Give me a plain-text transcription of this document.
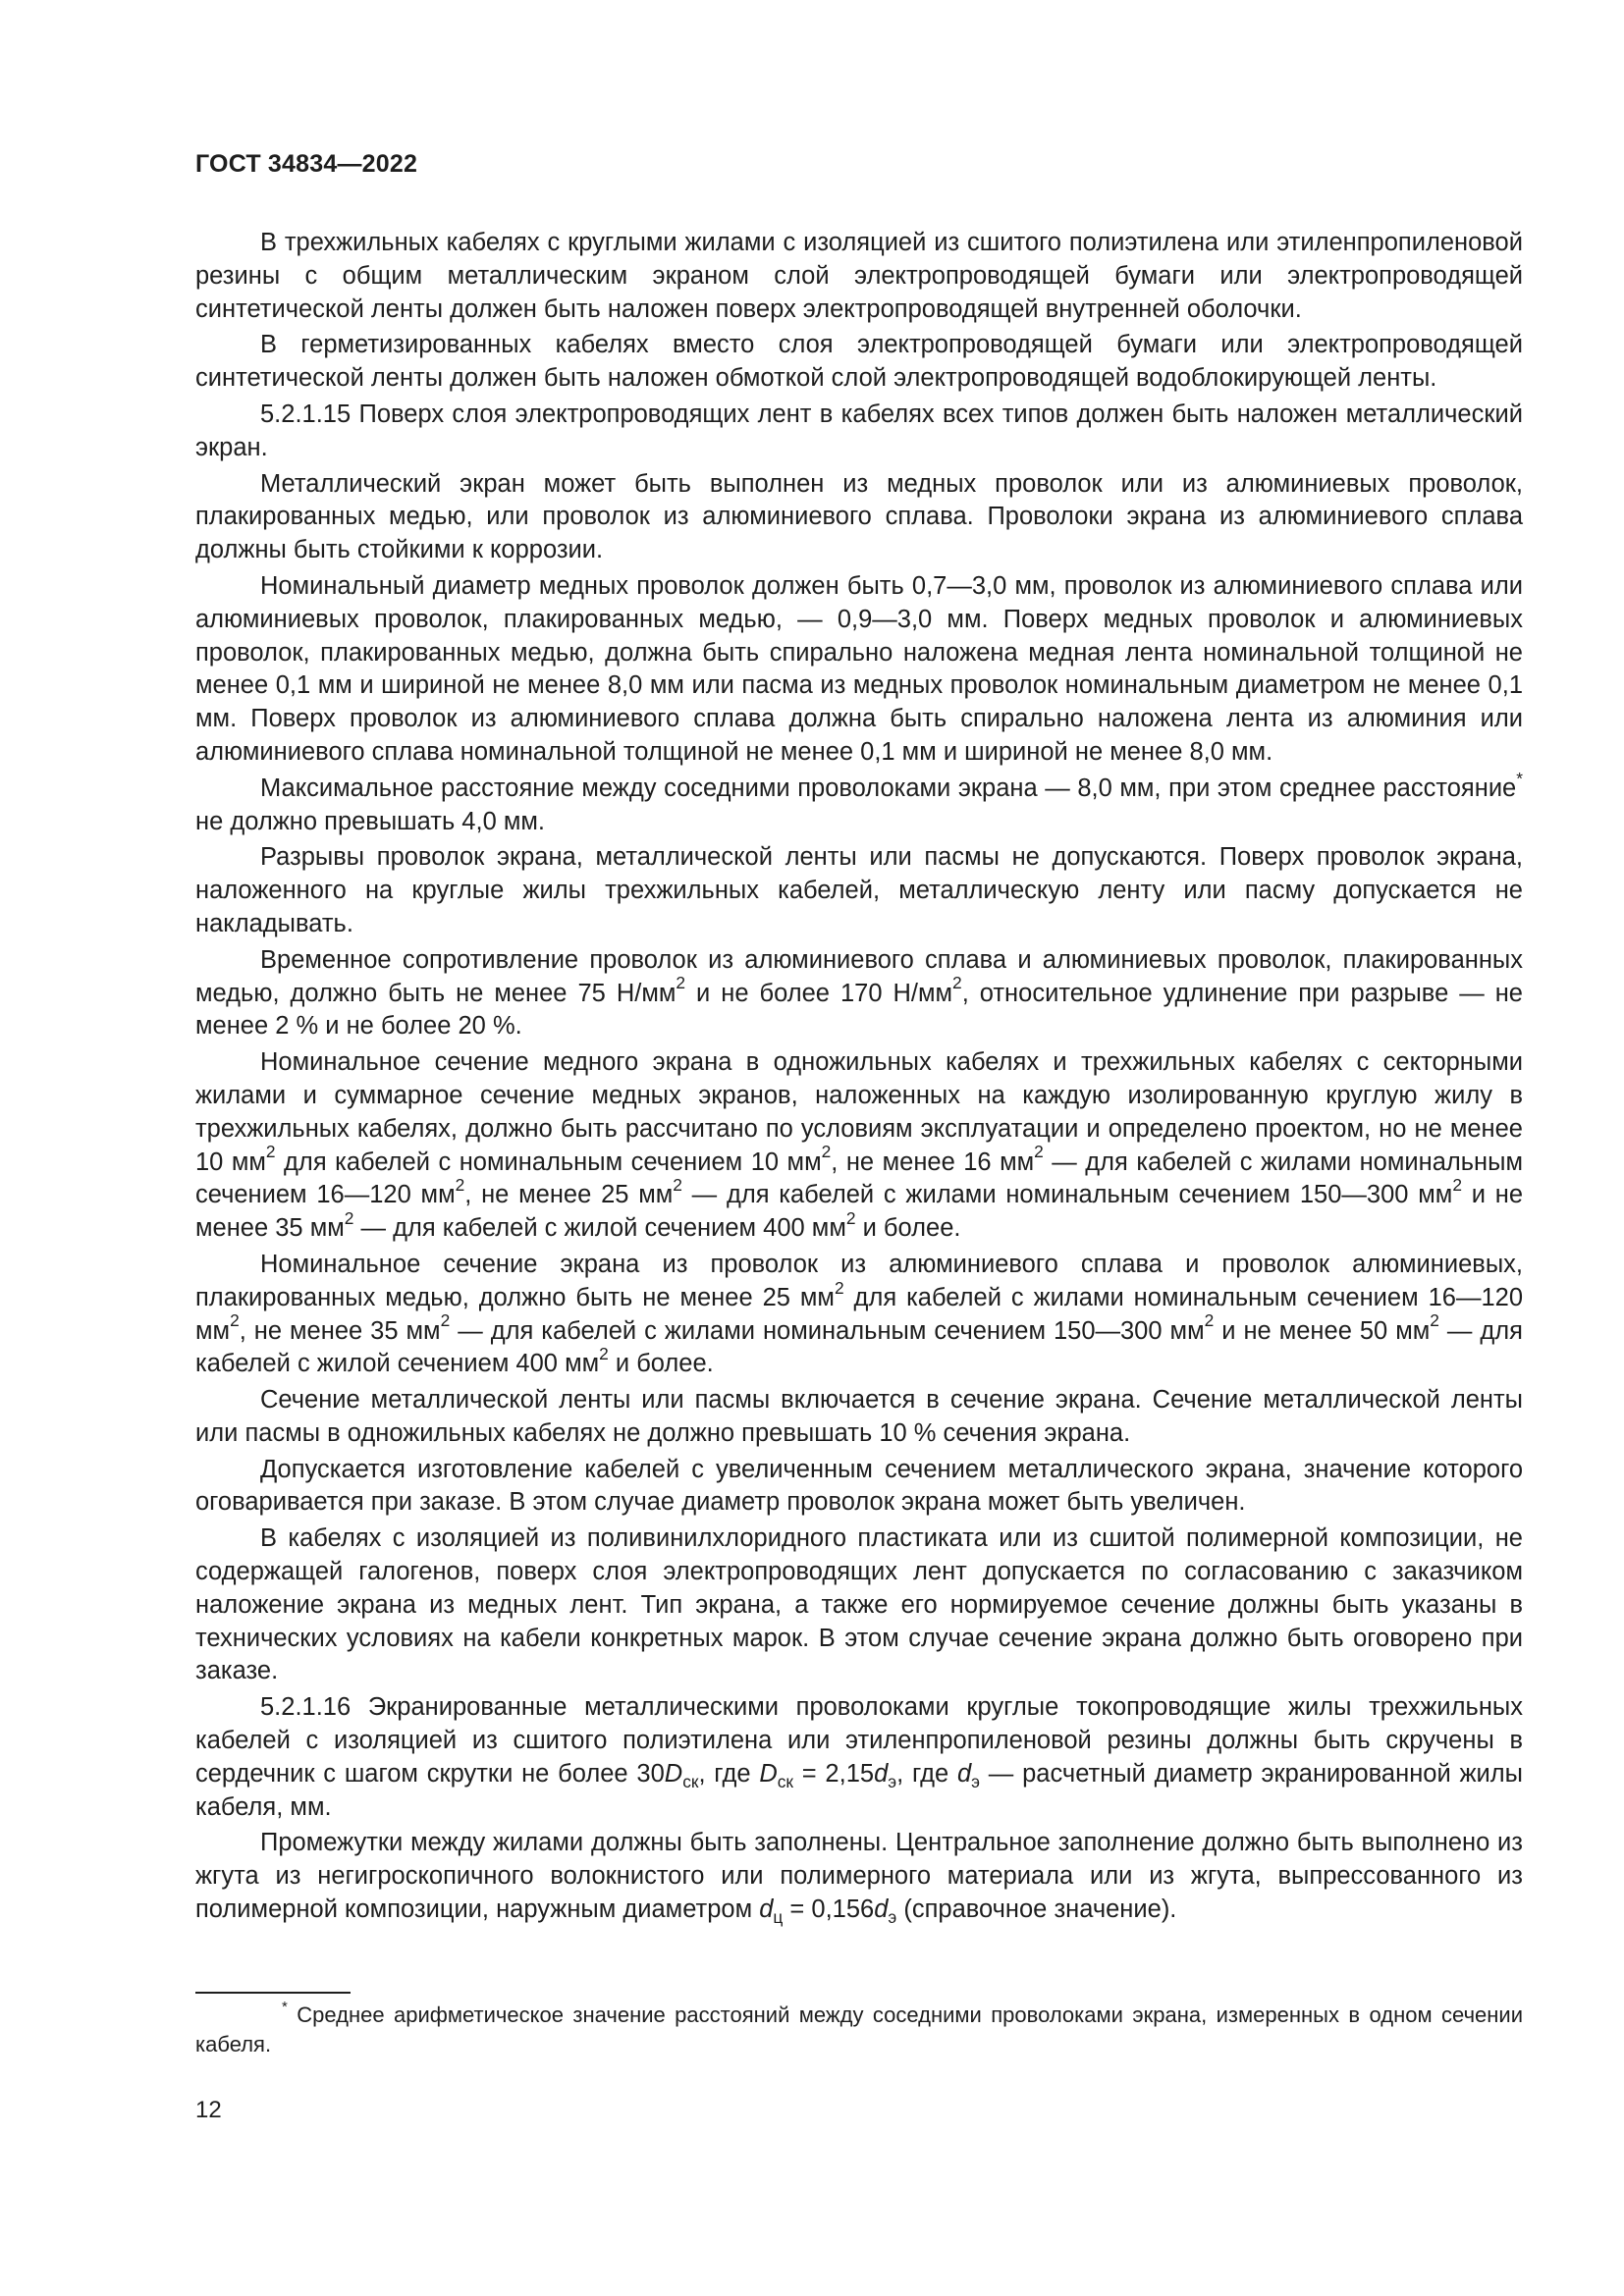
ГОСТ 34834—2022

В трехжильных кабелях с круглыми жилами с изоляцией из сшитого полиэтилена или этиленпропиленовой резины с общим металлическим экраном слой электропроводящей бумаги или электропроводящей синтетической ленты должен быть наложен поверх электропроводящей внутренней оболочки.

В герметизированных кабелях вместо слоя электропроводящей бумаги или электропроводящей синтетической ленты должен быть наложен обмоткой слой электропроводящей водоблокирующей ленты.

5.2.1.15 Поверх слоя электропроводящих лент в кабелях всех типов должен быть наложен металлический экран.

Металлический экран может быть выполнен из медных проволок или из алюминиевых проволок, плакированных медью, или проволок из алюминиевого сплава. Проволоки экрана из алюминиевого сплава должны быть стойкими к коррозии.

Номинальный диаметр медных проволок должен быть 0,7—3,0 мм, проволок из алюминиевого сплава или алюминиевых проволок, плакированных медью, — 0,9—3,0 мм. Поверх медных проволок и алюминиевых проволок, плакированных медью, должна быть спирально наложена медная лента номинальной толщиной не менее 0,1 мм и шириной не менее 8,0 мм или пасма из медных проволок номинальным диаметром не менее 0,1 мм. Поверх проволок из алюминиевого сплава должна быть спирально наложена лента из алюминия или алюминиевого сплава номинальной толщиной не менее 0,1 мм и шириной не менее 8,0 мм.

Максимальное расстояние между соседними проволоками экрана — 8,0 мм, при этом среднее расстояние* не должно превышать 4,0 мм.

Разрывы проволок экрана, металлической ленты или пасмы не допускаются. Поверх проволок экрана, наложенного на круглые жилы трехжильных кабелей, металлическую ленту или пасму допускается не накладывать.

Временное сопротивление проволок из алюминиевого сплава и алюминиевых проволок, плакированных медью, должно быть не менее 75 $Н/мм^2$ и не более 170 $Н/мм^2$, относительное удлинение при разрыве — не менее 2 % и не более 20 %.

Номинальное сечение медного экрана в одножильных кабелях и трехжильных кабелях с секторными жилами и суммарное сечение медных экранов, наложенных на каждую изолированную круглую жилу в трехжильных кабелях, должно быть рассчитано по условиям эксплуатации и определено проектом, но не менее 10 $мм^2$ для кабелей с номинальным сечением 10 $мм^2$, не менее 16 $мм^2$ — для кабелей с жилами номинальным сечением 16—120 $мм^2$, не менее 25 $мм^2$ — для кабелей с жилами номинальным сечением 150—300 $мм^2$ и не менее 35 $мм^2$ — для кабелей с жилой сечением 400 $мм^2$ и более.

Номинальное сечение экрана из проволок из алюминиевого сплава и проволок алюминиевых, плакированных медью, должно быть не менее 25 $мм^2$ для кабелей с жилами номинальным сечением 16—120 $мм^2$, не менее 35 $мм^2$ — для кабелей с жилами номинальным сечением 150—300 $мм^2$ и не менее 50 $мм^2$ — для кабелей с жилой сечением 400 $мм^2$ и более.

Сечение металлической ленты или пасмы включается в сечение экрана. Сечение металлической ленты или пасмы в одножильных кабелях не должно превышать 10 % сечения экрана.

Допускается изготовление кабелей с увеличенным сечением металлического экрана, значение которого оговаривается при заказе. В этом случае диаметр проволок экрана может быть увеличен.

В кабелях с изоляцией из поливинилхлоридного пластиката или из сшитой полимерной композиции, не содержащей галогенов, поверх слоя электропроводящих лент допускается по согласованию с заказчиком наложение экрана из медных лент. Тип экрана, а также его нормируемое сечение должны быть указаны в технических условиях на кабели конкретных марок. В этом случае сечение экрана должно быть оговорено при заказе.

5.2.1.16 Экранированные металлическими проволоками круглые токопроводящие жилы трехжильных кабелей с изоляцией из сшитого полиэтилена или этиленпропиленовой резины должны быть скручены в сердечник с шагом скрутки не более $30D_{ск}$, где $D_{ск} = 2,15d_э$, где $d_э$ — расчетный диаметр экранированной жилы кабеля, мм.

Промежутки между жилами должны быть заполнены. Центральное заполнение должно быть выполнено из жгута из негигроскопичного волокнистого или полимерного материала или из жгута, выпрессованного из полимерной композиции, наружным диаметром $d_ц = 0,156d_э$ (справочное значение).

* Среднее арифметическое значение расстояний между соседними проволоками экрана, измеренных в одном сечении кабеля.
12
